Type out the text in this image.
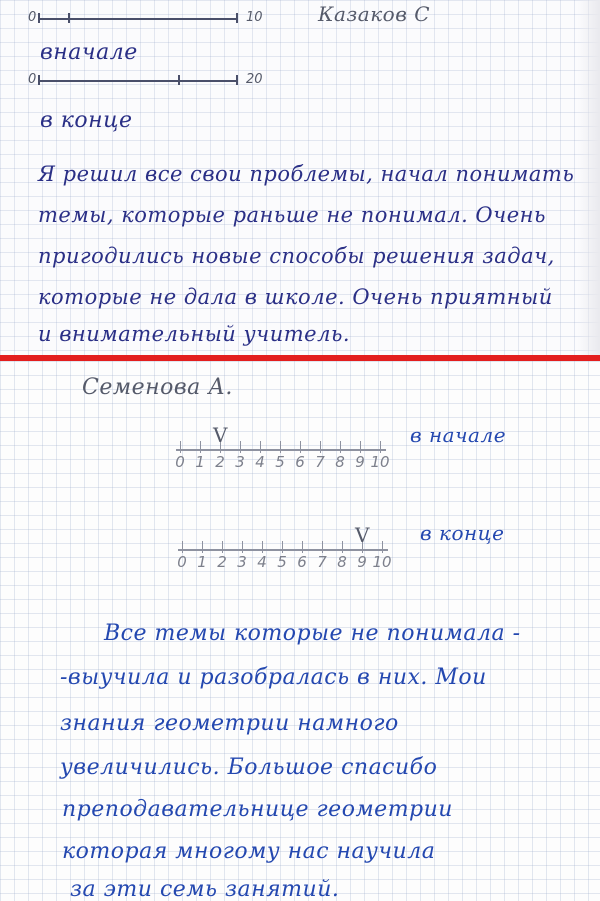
Казаков С
0	10
вначале
0	20
в конце
Я решил все свои проблемы, начал понимать
темы, которые раньше не понимал. Очень
пригодились новые способы решения задач,
которые не дала в школе. Очень приятный
и внимательный учитель.
Семенова А.
0 1 2 3 4 5 6 7 8 9 10
V	в начале
0 1 2 3 4 5 6 7 8 9 10
V	в конце
Все темы которые не понимала -
-выучила и разобралась в них. Мои
знания геометрии намного
увеличились. Большое спасибо
преподавательнице геометрии
которая многому нас научила
за эти семь занятий.
